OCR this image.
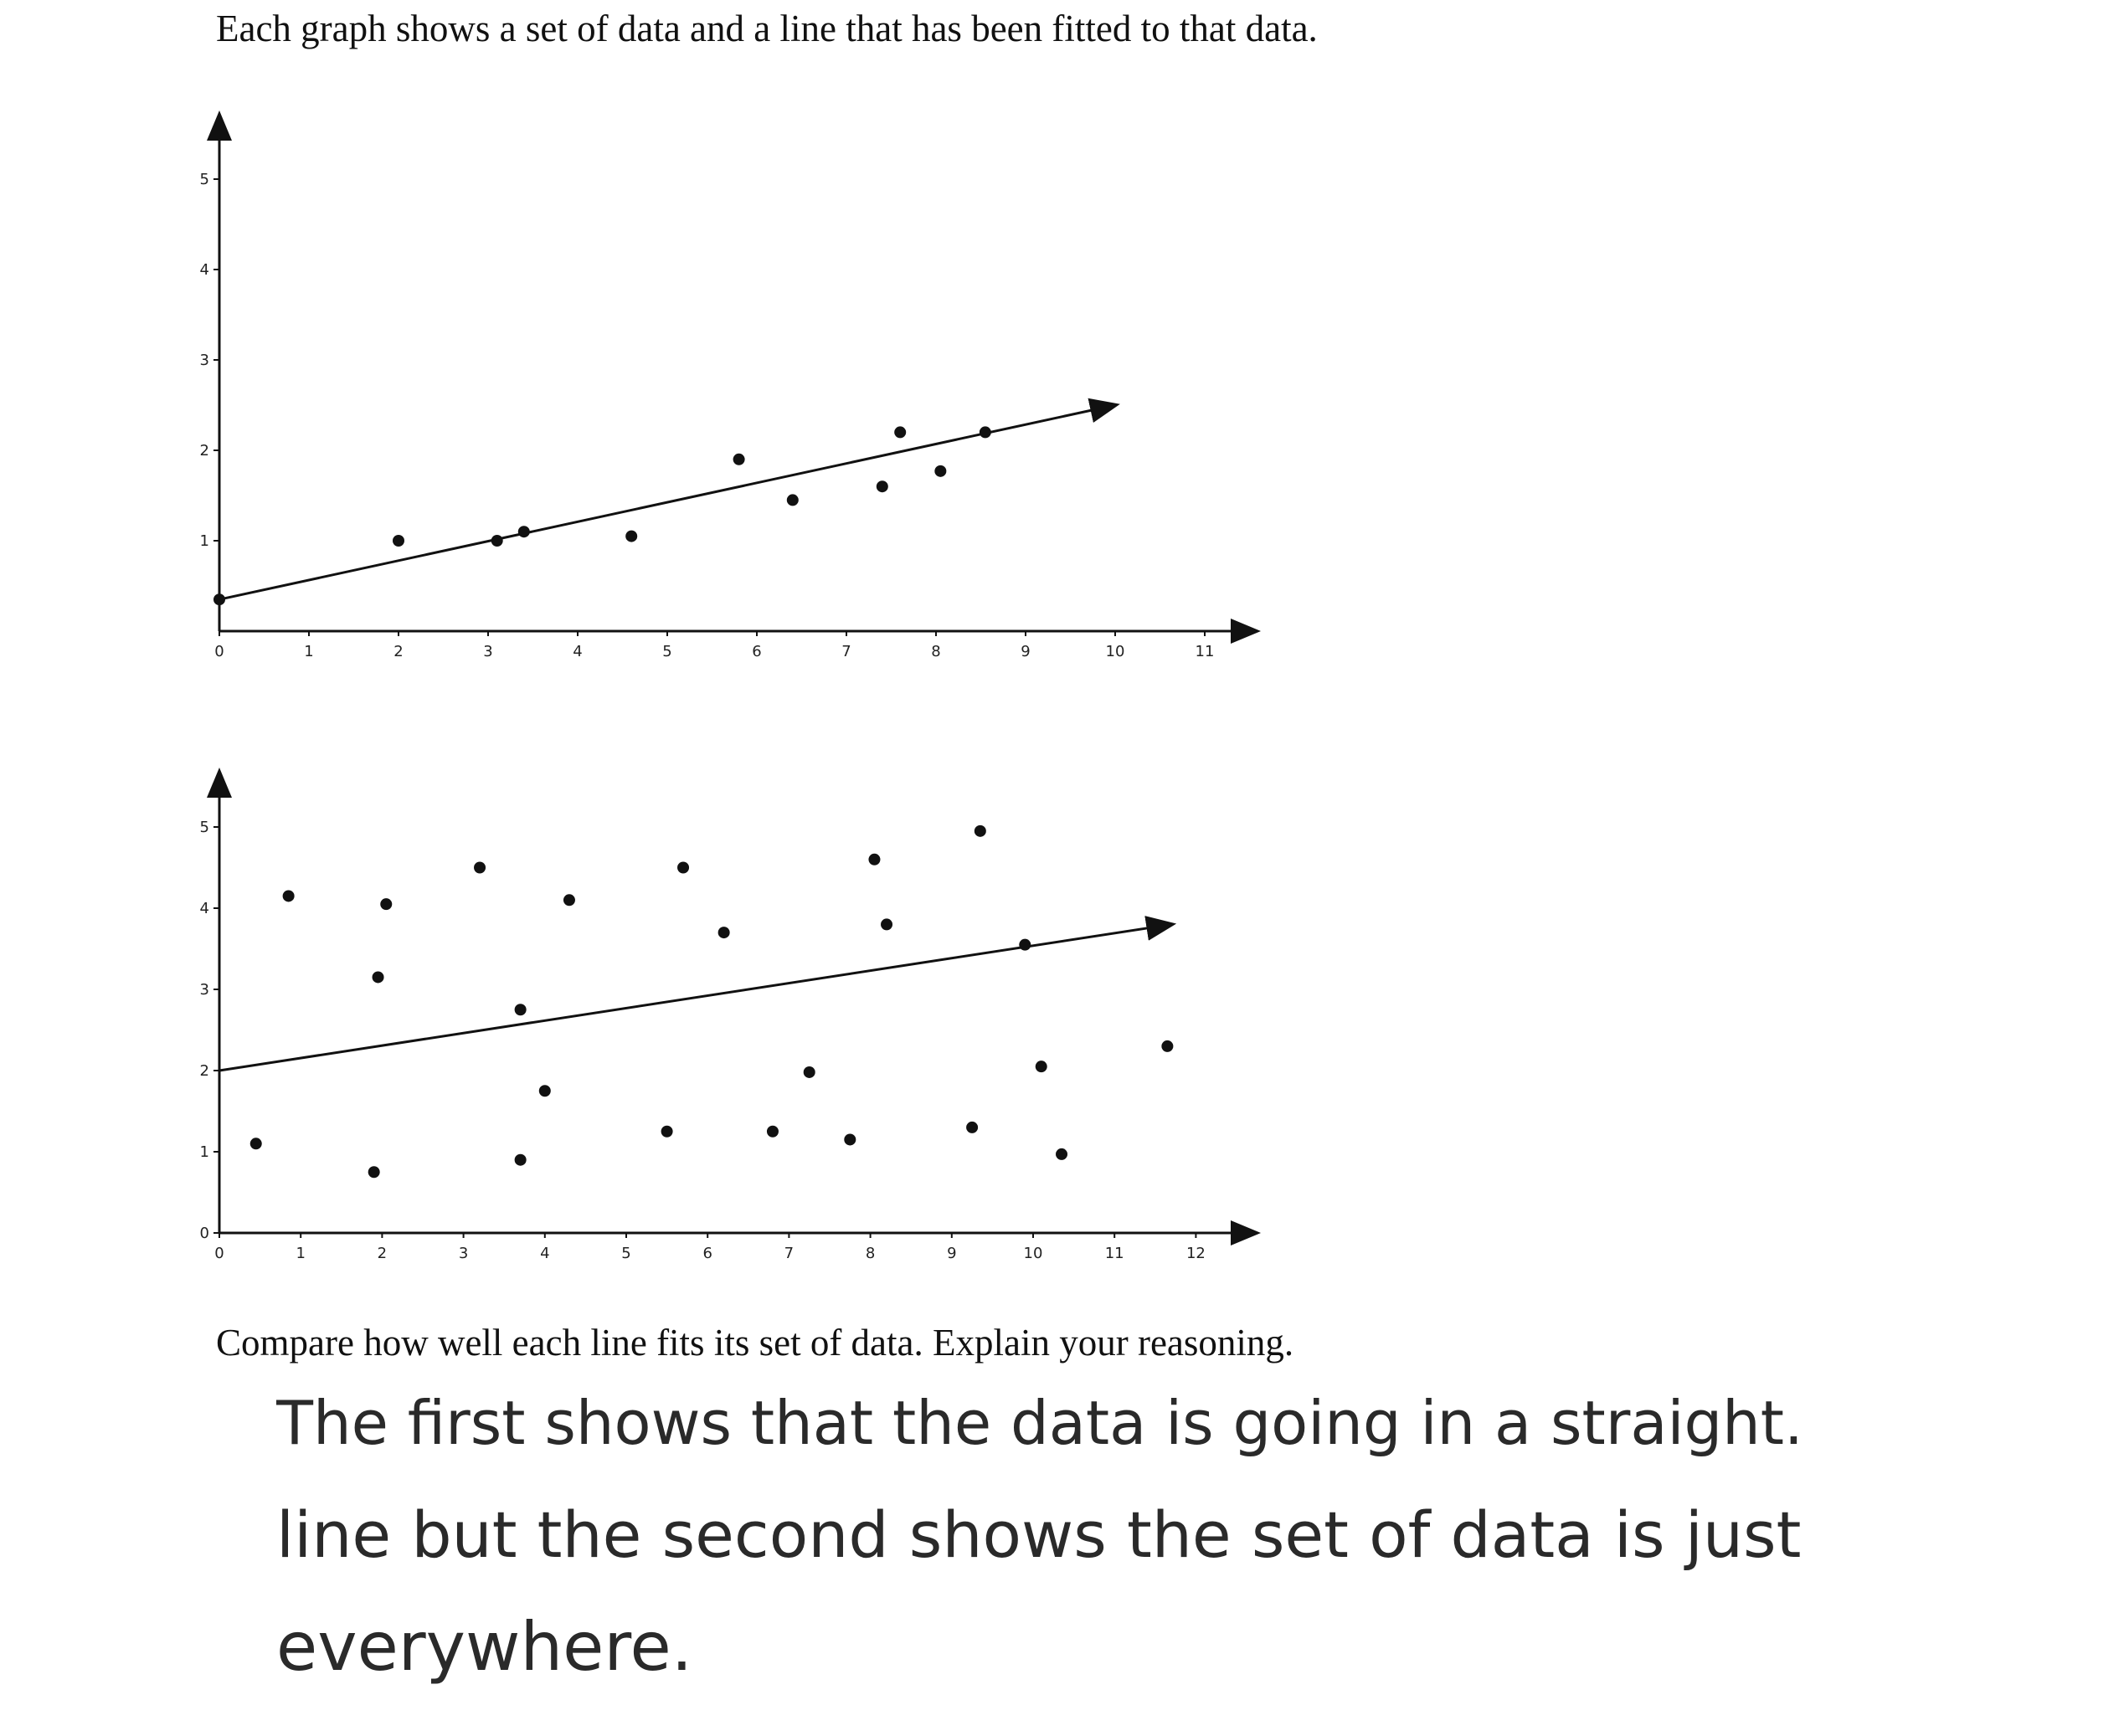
Each graph shows a set of data and a line that has been fitted to that data.
0	1	2	3	4	5	6	7	8	9	10	11
1
2
3
4
5
0	1	2	3	4	5	6	7	8	9	10	11	12
0
1
2
3
4
5
Compare how well each line fits its set of data. Explain your reasoning.
The first shows that the data is going in a straight.
line but the second shows the set of data is just
everywhere.
